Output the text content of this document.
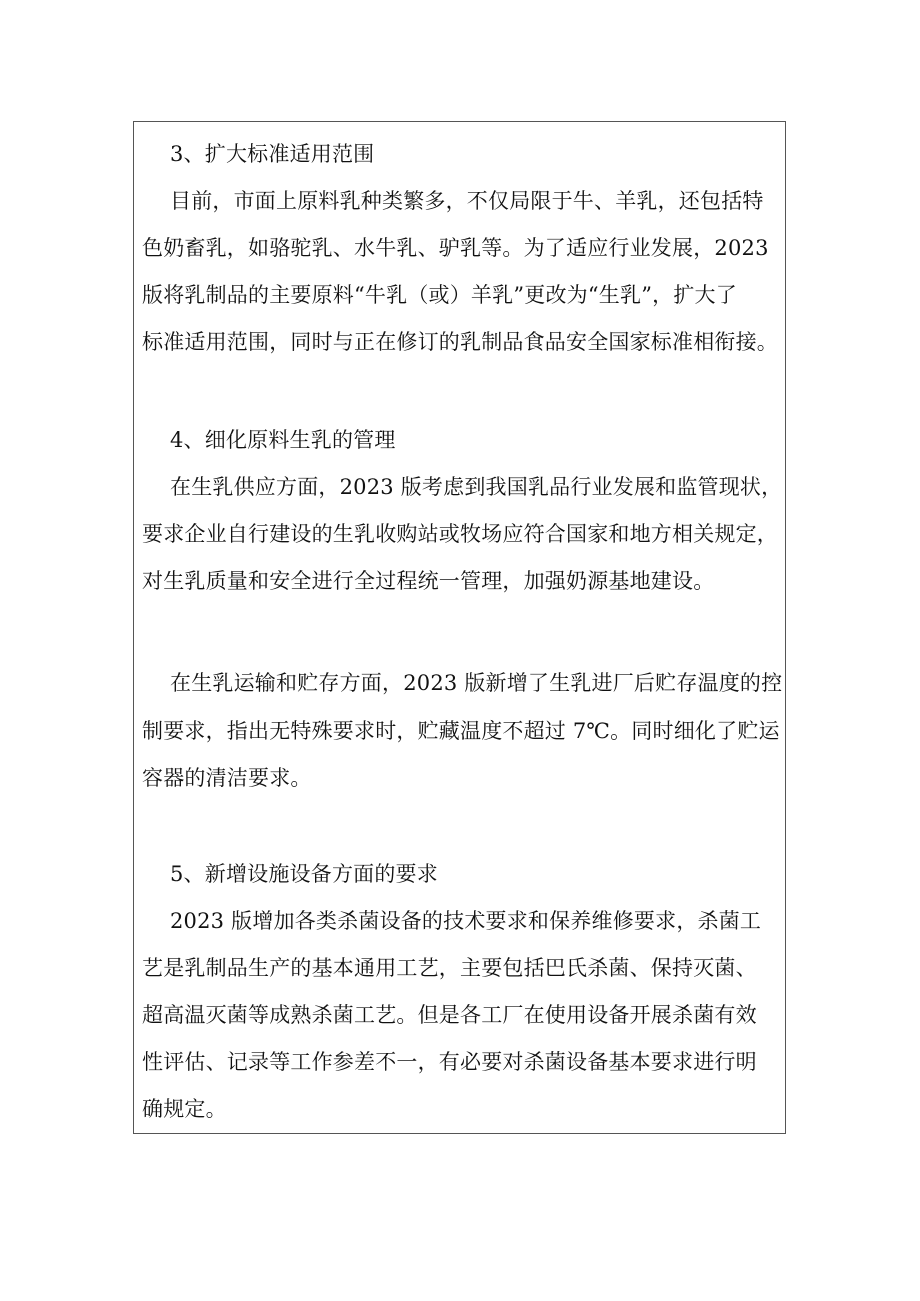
3、扩大标准适用范围
目前，市面上原料乳种类繁多，不仅局限于牛、羊乳，还包括特
色奶畜乳，如骆驼乳、水牛乳、驴乳等。为了适应行业发展，2023
版将乳制品的主要原料“牛乳（或）羊乳”更改为“生乳”，扩大了
标准适用范围，同时与正在修订的乳制品食品安全国家标准相衔接。
4、细化原料生乳的管理
在生乳供应方面，2023 版考虑到我国乳品行业发展和监管现状，
要求企业自行建设的生乳收购站或牧场应符合国家和地方相关规定，
对生乳质量和安全进行全过程统一管理，加强奶源基地建设。
在生乳运输和贮存方面，2023 版新增了生乳进厂后贮存温度的控
制要求，指出无特殊要求时，贮藏温度不超过 7℃。同时细化了贮运
容器的清洁要求。
5、新增设施设备方面的要求
2023 版增加各类杀菌设备的技术要求和保养维修要求，杀菌工
艺是乳制品生产的基本通用工艺，主要包括巴氏杀菌、保持灭菌、
超高温灭菌等成熟杀菌工艺。但是各工厂在使用设备开展杀菌有效
性评估、记录等工作参差不一，有必要对杀菌设备基本要求进行明
确规定。
